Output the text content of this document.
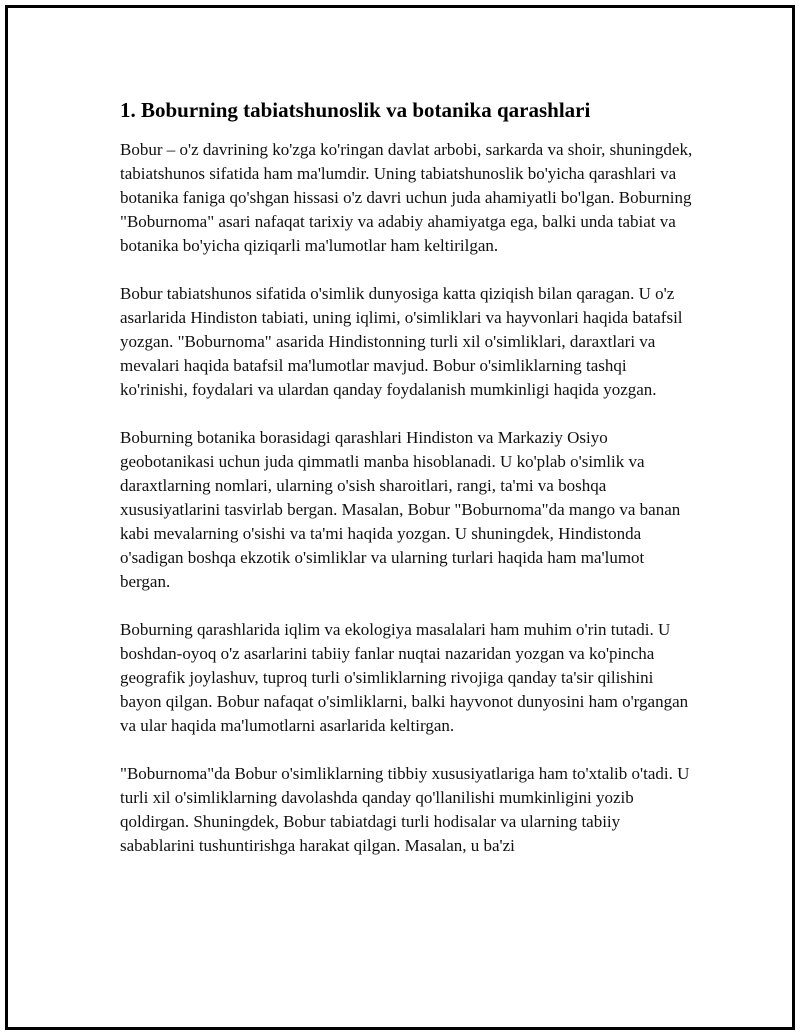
1. Boburning tabiatshunoslik va botanika qarashlari

Bobur – o'z davrining ko'zga ko'ringan davlat arbobi, sarkarda va shoir, shuningdek, tabiatshunos sifatida ham ma'lumdir. Uning tabiatshunoslik bo'yicha qarashlari va botanika faniga qo'shgan hissasi o'z davri uchun juda ahamiyatli bo'lgan. Boburning "Boburnoma" asari nafaqat tarixiy va adabiy ahamiyatga ega, balki unda tabiat va botanika bo'yicha qiziqarli ma'lumotlar ham keltirilgan.

Bobur tabiatshunos sifatida o'simlik dunyosiga katta qiziqish bilan qaragan. U o'z asarlarida Hindiston tabiati, uning iqlimi, o'simliklari va hayvonlari haqida batafsil yozgan. "Boburnoma" asarida Hindistonning turli xil o'simliklari, daraxtlari va mevalari haqida batafsil ma'lumotlar mavjud. Bobur o'simliklarning tashqi ko'rinishi, foydalari va ulardan qanday foydalanish mumkinligi haqida yozgan.

Boburning botanika borasidagi qarashlari Hindiston va Markaziy Osiyo geobotanikasi uchun juda qimmatli manba hisoblanadi. U ko'plab o'simlik va daraxtlarning nomlari, ularning o'sish sharoitlari, rangi, ta'mi va boshqa xususiyatlarini tasvirlab bergan. Masalan, Bobur "Boburnoma"da mango va banan kabi mevalarning o'sishi va ta'mi haqida yozgan. U shuningdek, Hindistonda o'sadigan boshqa ekzotik o'simliklar va ularning turlari haqida ham ma'lumot bergan.

Boburning qarashlarida iqlim va ekologiya masalalari ham muhim o'rin tutadi. U boshdan-oyoq o'z asarlarini tabiiy fanlar nuqtai nazaridan yozgan va ko'pincha geografik joylashuv, tuproq turli o'simliklarning rivojiga qanday ta'sir qilishini bayon qilgan. Bobur nafaqat o'simliklarni, balki hayvonot dunyosini ham o'rgangan va ular haqida ma'lumotlarni asarlarida keltirgan.

"Boburnoma"da Bobur o'simliklarning tibbiy xususiyatlariga ham to'xtalib o'tadi. U turli xil o'simliklarning davolashda qanday qo'llanilishi mumkinligini yozib qoldirgan. Shuningdek, Bobur tabiatdagi turli hodisalar va ularning tabiiy sabablarini tushuntirishga harakat qilgan. Masalan, u ba'zi
